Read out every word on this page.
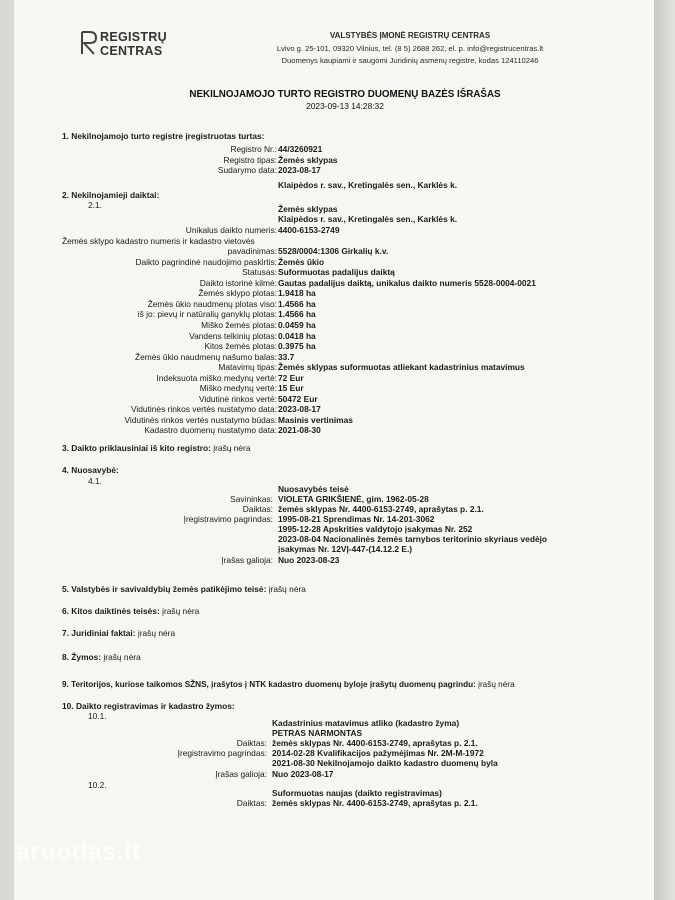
REGISTRŲ
CENTRAS
VALSTYBĖS ĮMONĖ REGISTRŲ CENTRAS
Lvivo g. 25-101, 09320 Vilnius, tel. (8 5) 2688 262, el. p. info@registrucentras.lt
Duomenys kaupiami ir saugomi Juridinių asmenų registre, kodas 124110246
NEKILNOJAMOJO TURTO REGISTRO DUOMENŲ BAZĖS IŠRAŠAS
2023-09-13 14:28:32
1. Nekilnojamojo turto registre įregistruotas turtas:
Registro Nr.: 44/3260921
Registro tipas: Žemės sklypas
Sudarymo data: 2023-08-17
Klaipėdos r. sav., Kretingalės sen., Karklės k.
2. Nekilnojamieji daiktai:
2.1.	Žemės sklypas
Klaipėdos r. sav., Kretingalės sen., Karklės k.
Unikalus daikto numeris: 4400-6153-2749
Žemės sklypo kadastro numeris ir kadastro vietovės
pavadinimas: 5528/0004:1306 Girkalių k.v.
Daikto pagrindinė naudojimo paskirtis: Žemės ūkio
Statusas: Suformuotas padalijus daiktą
Daikto istorinė kilmė: Gautas padalijus daiktą, unikalus daikto numeris 5528-0004-0021
Žemės sklypo plotas: 1.9418 ha
Žemės ūkio naudmenų plotas viso: 1.4566 ha
iš jo: pievų ir natūralių ganyklų plotas: 1.4566 ha
Miško žemės plotas: 0.0459 ha
Vandens telkinių plotas: 0.0418 ha
Kitos žemės plotas: 0.3975 ha
Žemės ūkio naudmenų našumo balas: 33.7
Matavimų tipas: Žemės sklypas suformuotas atliekant kadastrinius matavimus
Indeksuota miško medynų vertė: 72 Eur
Miško medynų vertė: 15 Eur
Vidutinė rinkos vertė: 50472 Eur
Vidutinės rinkos vertės nustatymo data: 2023-08-17
Vidutinės rinkos vertės nustatymo būdas: Masinis vertinimas
Kadastro duomenų nustatymo data: 2021-08-30
3. Daikto priklausiniai iš kito registro: įrašų nėra
4. Nuosavybė:
4.1.
Nuosavybės teisė
Savininkas: VIOLETA GRIKŠIENĖ, gim. 1962-05-28
Daiktas: žemės sklypas Nr. 4400-6153-2749, aprašytas p. 2.1.
Įregistravimo pagrindas: 1995-08-21 Sprendimas Nr. 14-201-3062
1995-12-28 Apskrities valdytojo įsakymas Nr. 252
2023-08-04 Nacionalinės žemės tarnybos teritorinio skyriaus vedėjo
įsakymas Nr. 12VĮ-447-(14.12.2 E.)
Įrašas galioja: Nuo 2023-08-23
5. Valstybės ir savivaldybių žemės patikėjimo teisė: įrašų nėra
6. Kitos daiktinės teisės: įrašų nėra
7. Juridiniai faktai: įrašų nėra
8. Žymos: įrašų nėra
9. Teritorijos, kuriose taikomos SŽNS, įrašytos į NTK kadastro duomenų byloje įrašytų duomenų pagrindu: įrašų nėra
10. Daikto registravimas ir kadastro žymos:
10.1.
Kadastrinius matavimus atliko (kadastro žyma)
PETRAS NARMONTAS
Daiktas: žemės sklypas Nr. 4400-6153-2749, aprašytas p. 2.1.
Įregistravimo pagrindas: 2014-02-28 Kvalifikacijos pažymėjimas Nr. 2M-M-1972
2021-08-30 Nekilnojamojo daikto kadastro duomenų byla
Įrašas galioja: Nuo 2023-08-17
10.2.
Suformuotas naujas (daikto registravimas)
Daiktas: žemės sklypas Nr. 4400-6153-2749, aprašytas p. 2.1.
aruodas.lt
